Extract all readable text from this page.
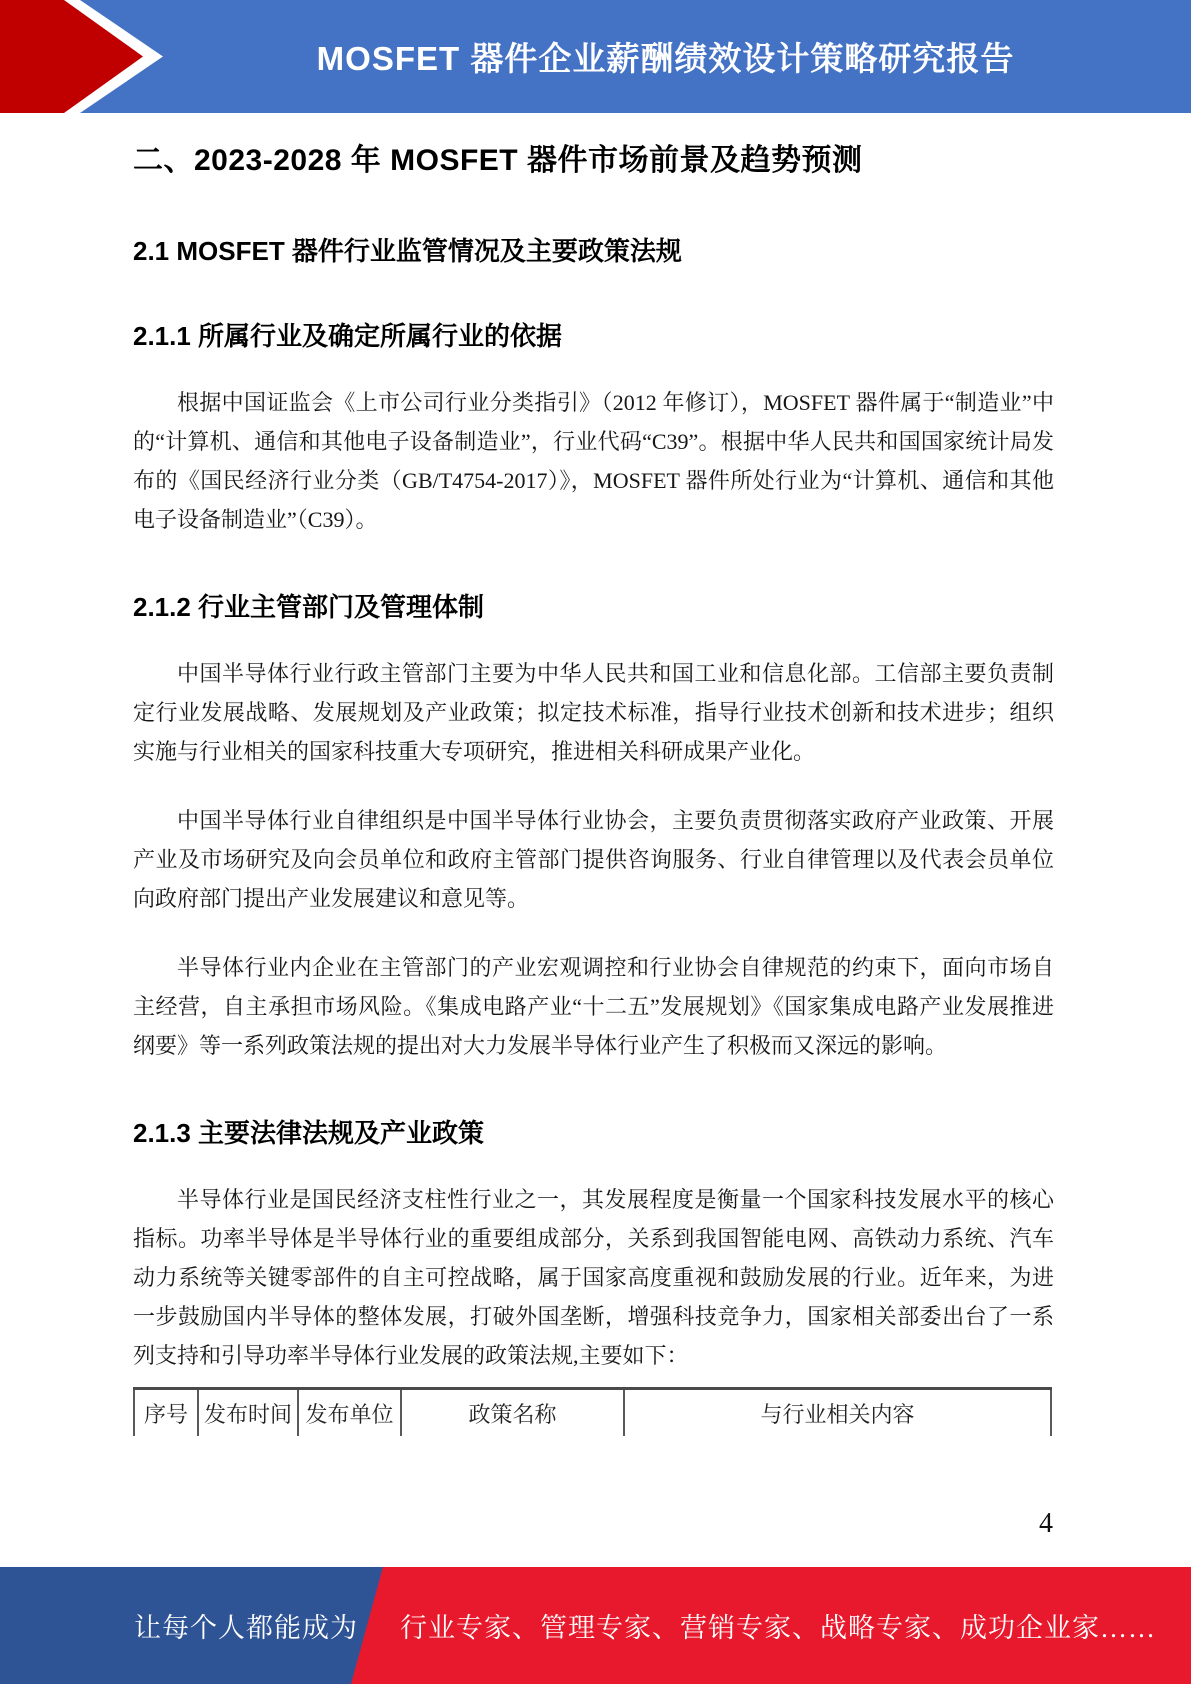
MOSFET 器件企业薪酬绩效设计策略研究报告
二、2023-2028 年 MOSFET 器件市场前景及趋势预测
2.1 MOSFET 器件行业监管情况及主要政策法规
2.1.1 所属行业及确定所属行业的依据

根据中国证监会《上市公司行业分类指引》（2012 年修订），MOSFET 器件属于“制造业”中的“计算机、通信和其他电子设备制造业”，行业代码“C39”。根据中华人民共和国国家统计局发布的《国民经济行业分类（GB/T4754-2017）》，MOSFET 器件所处行业为“计算机、通信和其他电子设备制造业”（C39）。

2.1.2 行业主管部门及管理体制

中国半导体行业行政主管部门主要为中华人民共和国工业和信息化部。工信部主要负责制定行业发展战略、发展规划及产业政策；拟定技术标准，指导行业技术创新和技术进步；组织实施与行业相关的国家科技重大专项研究，推进相关科研成果产业化。

中国半导体行业自律组织是中国半导体行业协会，主要负责贯彻落实政府产业政策、开展产业及市场研究及向会员单位和政府主管部门提供咨询服务、行业自律管理以及代表会员单位向政府部门提出产业发展建议和意见等。

半导体行业内企业在主管部门的产业宏观调控和行业协会自律规范的约束下，面向市场自主经营，自主承担市场风险。《集成电路产业“十二五”发展规划》《国家集成电路产业发展推进纲要》等一系列政策法规的提出对大力发展半导体行业产生了积极而又深远的影响。

2.1.3 主要法律法规及产业政策

半导体行业是国民经济支柱性行业之一，其发展程度是衡量一个国家科技发展水平的核心指标。功率半导体是半导体行业的重要组成部分，关系到我国智能电网、高铁动力系统、汽车动力系统等关键零部件的自主可控战略，属于国家高度重视和鼓励发展的行业。近年来，为进一步鼓励国内半导体的整体发展，打破外国垄断，增强科技竞争力，国家相关部委出台了一系列支持和引导功率半导体行业发展的政策法规,主要如下：

序号	发布时间	发布单位	政策名称	与行业相关内容
4
让每个人都能成为 行业专家、管理专家、营销专家、战略专家、成功企业家……
